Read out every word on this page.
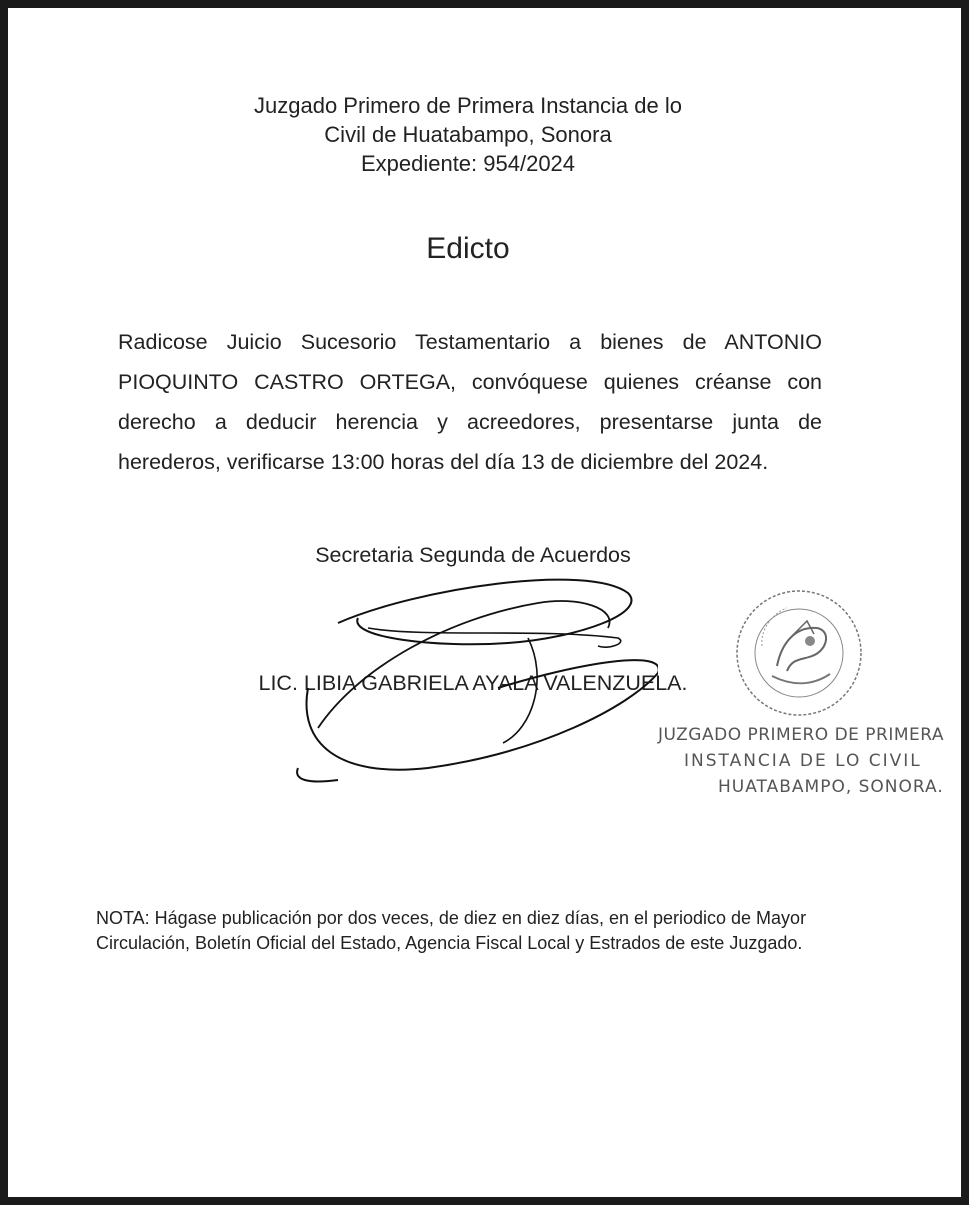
Juzgado Primero de Primera Instancia de lo
Civil de Huatabampo, Sonora
Expediente: 954/2024
Edicto
Radicose Juicio Sucesorio Testamentario a bienes de ANTONIO
PIOQUINTO CASTRO ORTEGA, convóquese quienes créanse con
derecho a deducir herencia y acreedores, presentarse junta de
herederos, verificarse 13:00 horas del día 13 de diciembre del 2024.
Secretaria Segunda de Acuerdos
LIC. LIBIA GABRIELA AYALA VALENZUELA.
JUZGADO PRIMERO DE PRIMERA
INSTANCIA DE LO CIVIL
HUATABAMPO, SONORA.
NOTA: Hágase publicación por dos veces, de diez en diez días, en el periodico de Mayor
Circulación, Boletín Oficial del Estado, Agencia Fiscal Local y Estrados de este Juzgado.
